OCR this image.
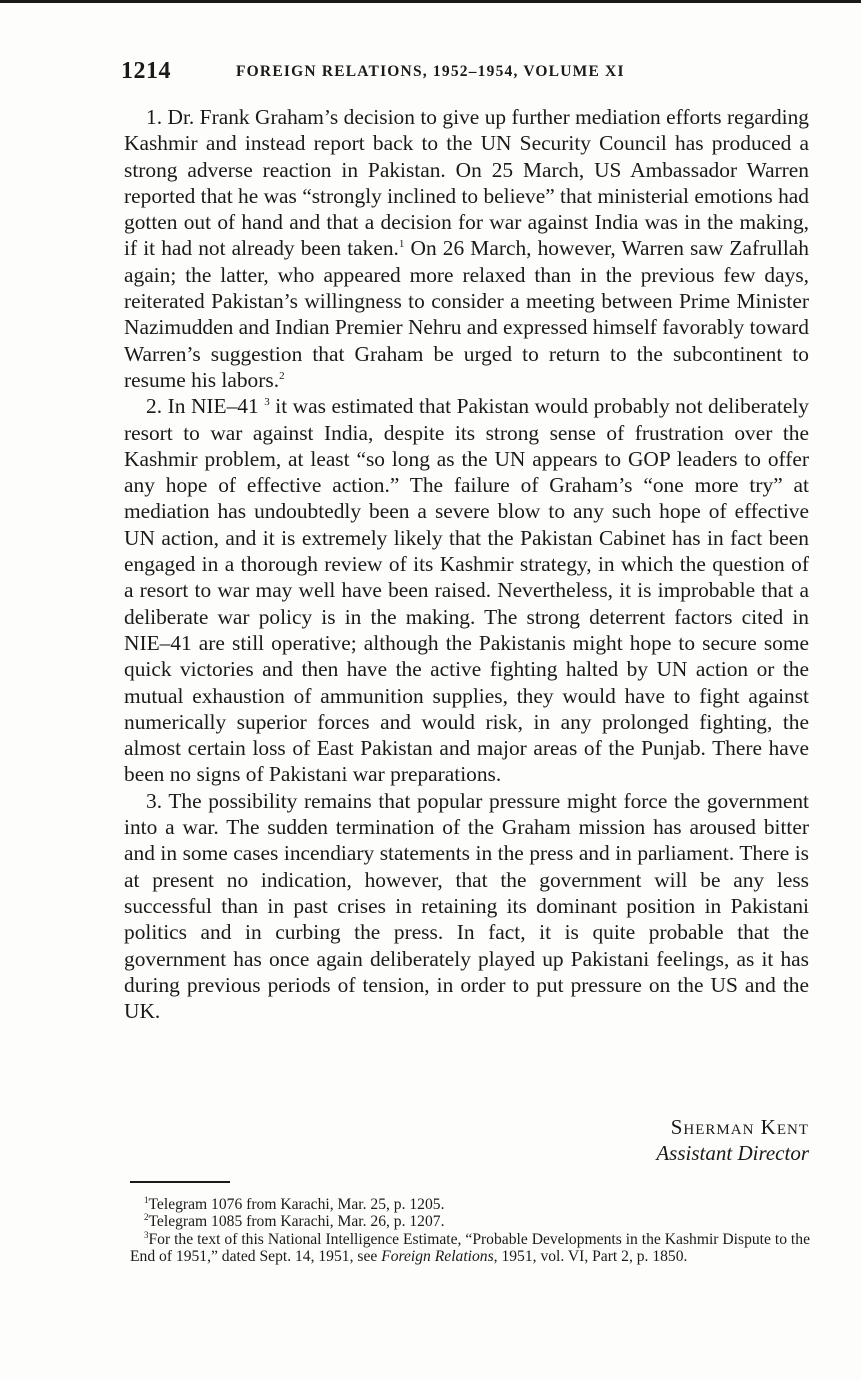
1214	FOREIGN RELATIONS, 1952–1954, VOLUME XI

1. Dr. Frank Graham’s decision to give up further mediation efforts regarding Kashmir and instead report back to the UN Security Council has produced a strong adverse reaction in Pakistan. On 25 March, US Ambassador Warren reported that he was “strongly inclined to believe” that ministerial emotions had gotten out of hand and that a decision for war against India was in the making, if it had not already been taken.$^1$ On 26 March, however, Warren saw Zafrullah again; the latter, who appeared more relaxed than in the previous few days, reiterated Pakistan’s willingness to consider a meeting between Prime Minister Nazimudden and Indian Premier Nehru and expressed himself favorably toward Warren’s suggestion that Graham be urged to return to the subcontinent to resume his labors.$^2$

2. In NIE–41 $^3$ it was estimated that Pakistan would probably not deliberately resort to war against India, despite its strong sense of frustration over the Kashmir problem, at least “so long as the UN appears to GOP leaders to offer any hope of effective action.” The failure of Graham’s “one more try” at mediation has undoubtedly been a severe blow to any such hope of effective UN action, and it is extremely likely that the Pakistan Cabinet has in fact been engaged in a thorough review of its Kashmir strategy, in which the question of a resort to war may well have been raised. Nevertheless, it is improbable that a deliberate war policy is in the making. The strong deterrent factors cited in NIE–41 are still operative; although the Pakistanis might hope to secure some quick victories and then have the active fighting halted by UN action or the mutual exhaustion of ammunition supplies, they would have to fight against numerically superior forces and would risk, in any prolonged fighting, the almost certain loss of East Pakistan and major areas of the Punjab. There have been no signs of Pakistani war preparations.

3. The possibility remains that popular pressure might force the government into a war. The sudden termination of the Graham mission has aroused bitter and in some cases incendiary statements in the press and in parliament. There is at present no indication, however, that the government will be any less successful than in past crises in retaining its dominant position in Pakistani politics and in curbing the press. In fact, it is quite probable that the government has once again deliberately played up Pakistani feelings, as it has during previous periods of tension, in order to put pressure on the US and the UK.

Sherman Kent
Assistant Director

$^1$Telegram 1076 from Karachi, Mar. 25, p. 1205.

$^2$Telegram 1085 from Karachi, Mar. 26, p. 1207.

$^3$For the text of this National Intelligence Estimate, “Probable Developments in the Kashmir Dispute to the End of 1951,” dated Sept. 14, 1951, see Foreign Relations, 1951, vol. VI, Part 2, p. 1850.
